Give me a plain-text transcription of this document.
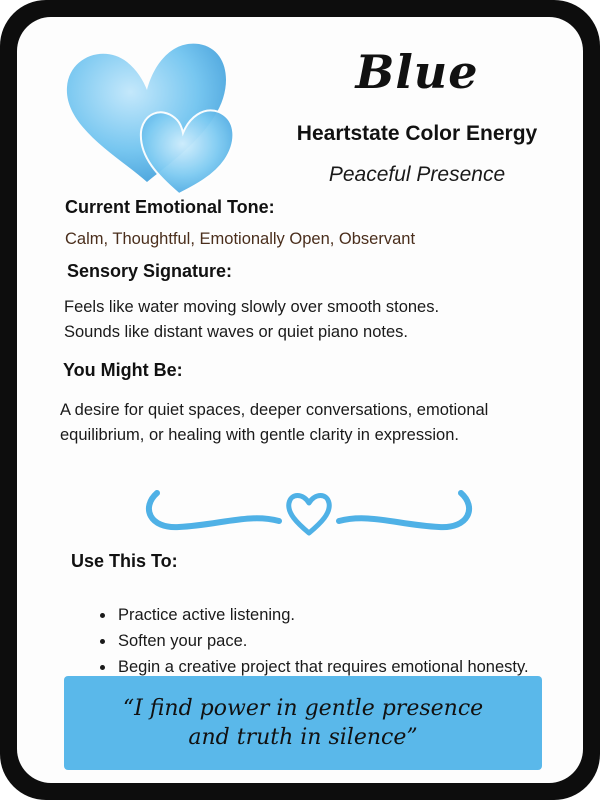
Blue
Heartstate Color Energy
Peaceful Presence

Current Emotional Tone:

Calm, Thoughtful, Emotionally Open, Observant

Sensory Signature:

Feels like water moving slowly over smooth stones.

Sounds like distant waves or quiet piano notes.

You Might Be:

A desire for quiet spaces, deeper conversations, emotional

equilibrium, or healing with gentle clarity in expression.

Use This To:

• Practice active listening.
• Soften your pace.
• Begin a creative project that requires emotional honesty.
“I find power in gentle presence
and truth in silence”
